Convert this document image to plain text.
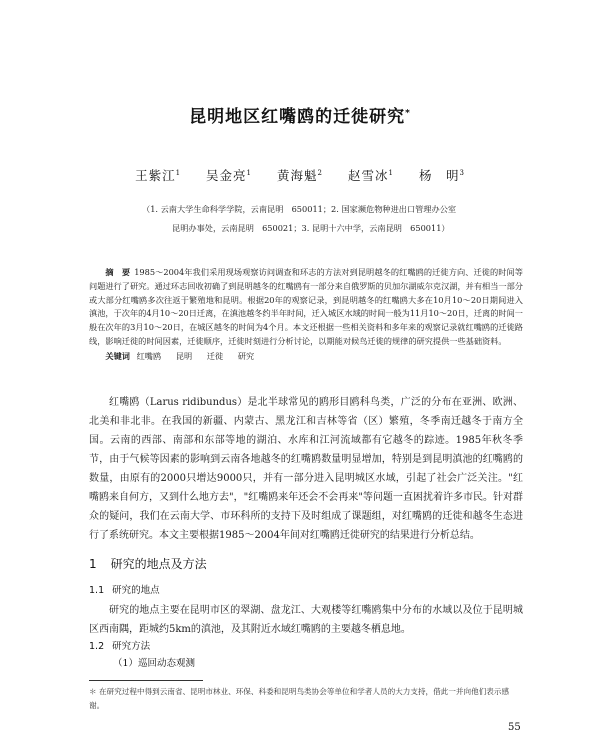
昆明地区红嘴鸥的迁徙研究*
王紫江$^1$ 吴金亮$^1$ 黄海魁$^2$ 赵雪冰$^1$ 杨　明$^3$
（1. 云南大学生命科学学院，云南昆明　650011；2. 国家濒危物种进出口管理办公室
昆明办事处，云南昆明　650021；3. 昆明十六中学，云南昆明　650011）
摘　要 1985～2004年我们采用现场观察访问调查和环志的方法对到昆明越冬的红嘴鸥的迁徙方向、迁徙的时间等问题进行了研究。通过环志回收初确了到昆明越冬的红嘴鸥有一部分来自俄罗斯的贝加尔湖威尔克汉湖，并有相当一部分或大部分红嘴鸥多次往返于繁殖地和昆明。根据20年的观察记录，到昆明越冬的红嘴鸥大多在10月10～20日期间进入滇池，于次年的4月10～20日迁离，在滇池越冬约半年时间，迁入城区水域的时间一般为11月10～20日，迁离的时间一般在次年的3月10～20日，在城区越冬的时间为4个月。本文还根据一些相关资料和多年来的观察记录就红嘴鸥的迁徙路线，影响迁徙的时间因素，迁徙顺序，迁徙时刻进行分析讨论，以期能对候鸟迁徙的规律的研究提供一些基础资料。
关键词 红嘴鸥 昆明 迁徙 研究

红嘴鸥（Larus ridibundus）是北半球常见的鸥形目鸥科鸟类，广泛的分布在亚洲、欧洲、北美和非北非。在我国的新疆、内蒙古、黑龙江和吉林等省（区）繁殖，冬季南迁越冬于南方全国。云南的西部、南部和东部等地的湖泊、水库和江河流域都有它越冬的踪迹。1985年秋冬季节，由于气候等因素的影响到云南各地越冬的红嘴鸥数量明显增加，特别是到昆明滇池的红嘴鸥的数量，由原有的2000只增达9000只，并有一部分进入昆明城区水域，引起了社会广泛关注。"红嘴鸥来自何方，又到什么地方去"，"红嘴鸥来年还会不会再来"等问题一直困扰着许多市民。针对群众的疑问，我们在云南大学、市环科所的支持下及时组成了课题组，对红嘴鸥的迁徙和越冬生态进行了系统研究。本文主要根据1985～2004年间对红嘴鸥迁徙研究的结果进行分析总结。

1 研究的地点及方法
1.1 研究的地点

研究的地点主要在昆明市区的翠湖、盘龙江、大观楼等红嘴鸥集中分布的水域以及位于昆明城区西南隅，距城约5km的滇池，及其附近水域红嘴鸥的主要越冬栖息地。

1.2 研究方法
（1）巡回动态观测
＊ 在研究过程中得到云南省、昆明市林业、环保、科委和昆明鸟类协会等单位和学者人员的大力支持，借此一并向他们表示感谢。
55
